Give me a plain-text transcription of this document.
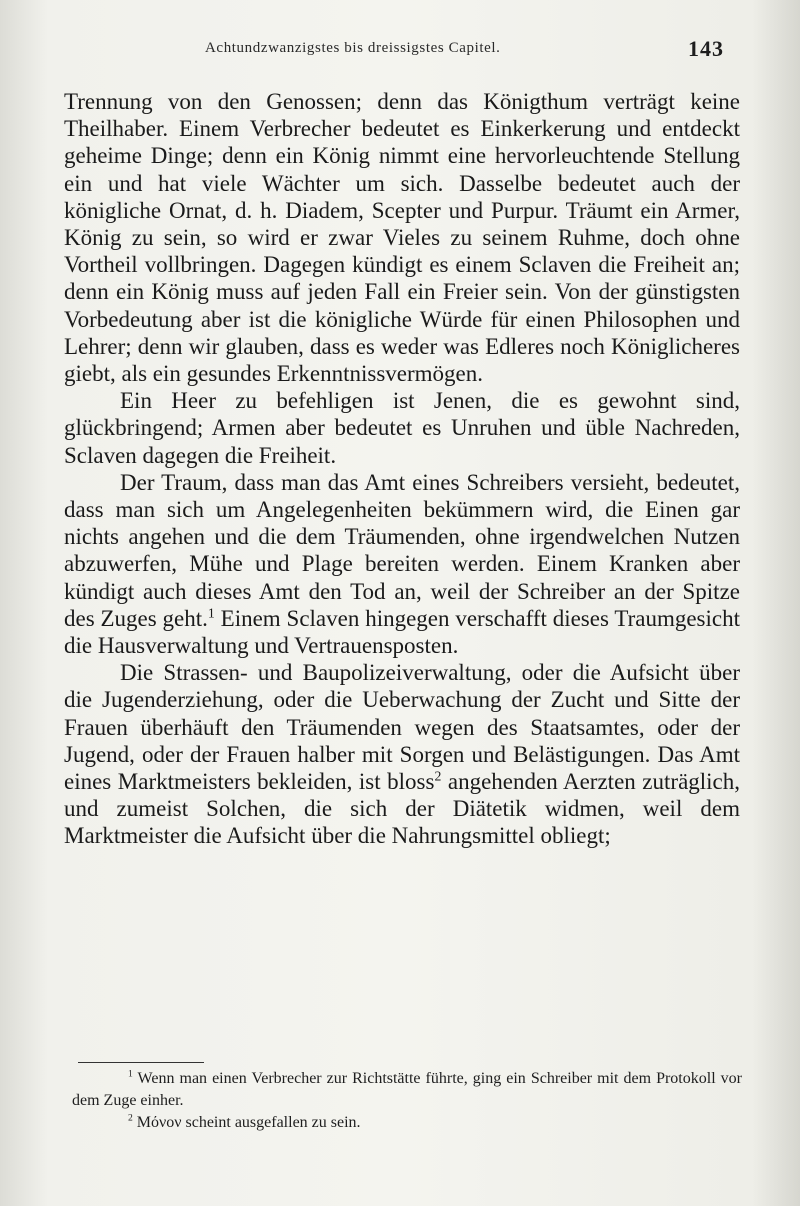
Achtundzwanzigstes bis dreissigstes Capitel.	143

Trennung von den Genossen; denn das Königthum verträgt keine Theilhaber. Einem Verbrecher bedeutet es Einkerkerung und entdeckt geheime Dinge; denn ein König nimmt eine hervorleuchtende Stellung ein und hat viele Wächter um sich. Dasselbe bedeutet auch der königliche Ornat, d. h. Diadem, Scepter und Purpur. Träumt ein Armer, König zu sein, so wird er zwar Vieles zu seinem Ruhme, doch ohne Vortheil vollbringen. Dagegen kündigt es einem Sclaven die Freiheit an; denn ein König muss auf jeden Fall ein Freier sein. Von der günstigsten Vorbedeutung aber ist die königliche Würde für einen Philosophen und Lehrer; denn wir glauben, dass es weder was Edleres noch Königlicheres giebt, als ein gesundes Erkenntnissvermögen.

Ein Heer zu befehligen ist Jenen, die es gewohnt sind, glückbringend; Armen aber bedeutet es Unruhen und üble Nachreden, Sclaven dagegen die Freiheit.

Der Traum, dass man das Amt eines Schreibers versieht, bedeutet, dass man sich um Angelegenheiten bekümmern wird, die Einen gar nichts angehen und die dem Träumenden, ohne irgendwelchen Nutzen abzuwerfen, Mühe und Plage bereiten werden. Einem Kranken aber kündigt auch dieses Amt den Tod an, weil der Schreiber an der Spitze des Zuges geht.$^1$ Einem Sclaven hingegen verschafft dieses Traumgesicht die Hausverwaltung und Vertrauensposten.

Die Strassen- und Baupolizeiverwaltung, oder die Aufsicht über die Jugenderziehung, oder die Ueberwachung der Zucht und Sitte der Frauen überhäuft den Träumenden wegen des Staatsamtes, oder der Jugend, oder der Frauen halber mit Sorgen und Belästigungen. Das Amt eines Marktmeisters bekleiden, ist bloss$^2$ angehenden Aerzten zuträglich, und zumeist Solchen, die sich der Diätetik widmen, weil dem Marktmeister die Aufsicht über die Nahrungsmittel obliegt;

$^1$ Wenn man einen Verbrecher zur Richtstätte führte, ging ein Schreiber mit dem Protokoll vor dem Zuge einher.

$^2$ Μόνον scheint ausgefallen zu sein.
